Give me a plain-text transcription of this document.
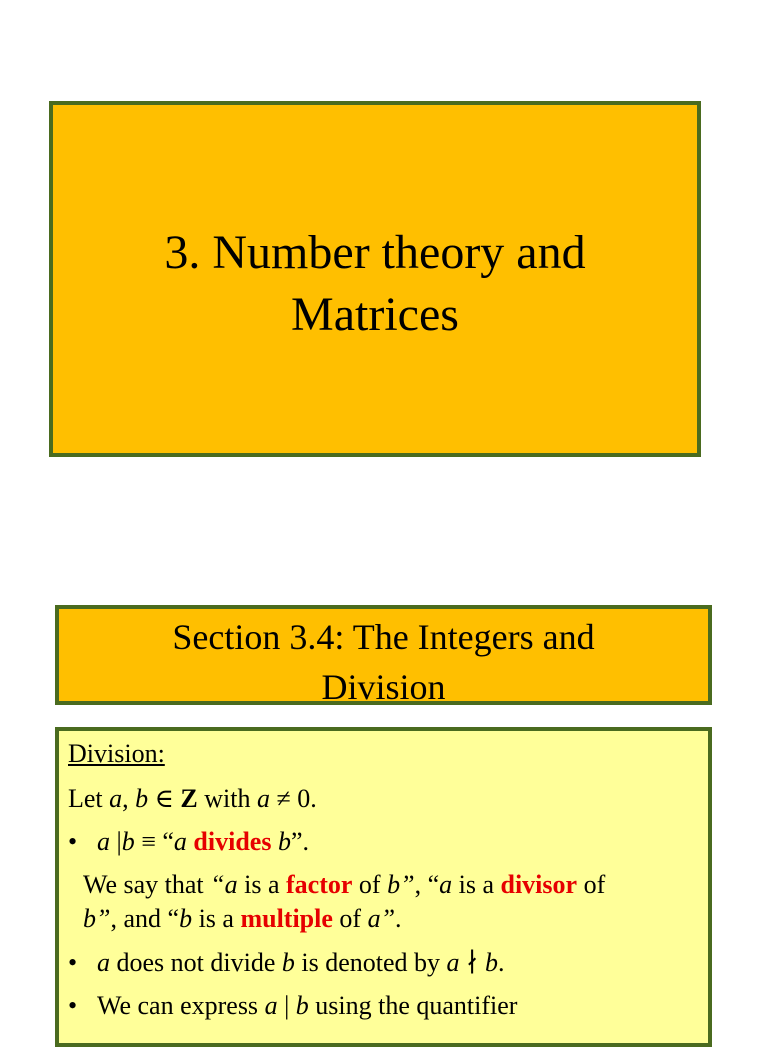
3. Number theory and
Matrices
Section 3.4: The Integers and
Division
Division:
Let a, b ∈ Z with a ≠ 0.
• a |b ≡ “a divides b”.
We say that “a is a factor of b”, “a is a divisor of
b”, and “b is a multiple of a”.
• a does not divide b is denoted by a ∤ b.
• We can express a | b using the quantifier
